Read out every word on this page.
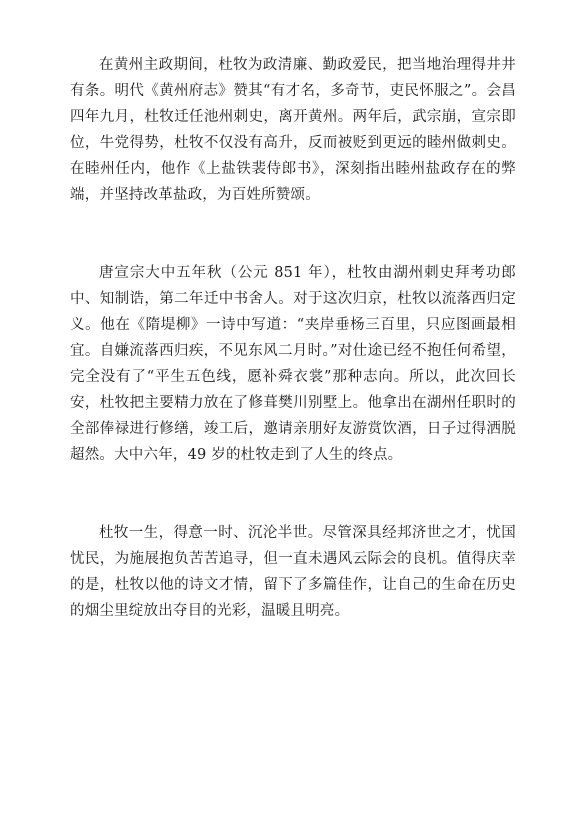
在黄州主政期间，杜牧为政清廉、勤政爱民，把当地治理得井井有条。明代《黄州府志》赞其“有才名，多奇节，吏民怀服之”。会昌四年九月，杜牧迁任池州刺史，离开黄州。两年后，武宗崩，宣宗即位，牛党得势，杜牧不仅没有高升，反而被贬到更远的睦州做刺史。在睦州任内，他作《上盐铁裴侍郎书》，深刻指出睦州盐政存在的弊端，并坚持改革盐政，为百姓所赞颂。

唐宣宗大中五年秋（公元 851 年），杜牧由湖州刺史拜考功郎中、知制诰，第二年迁中书舍人。对于这次归京，杜牧以流落西归定义。他在《隋堤柳》一诗中写道：“夹岸垂杨三百里，只应图画最相宜。自嫌流落西归疾，不见东风二月时。”对仕途已经不抱任何希望，完全没有了“平生五色线，愿补舜衣裳”那种志向。所以，此次回长安，杜牧把主要精力放在了修葺樊川别墅上。他拿出在湖州任职时的全部俸禄进行修缮，竣工后，邀请亲朋好友游赏饮酒，日子过得洒脱超然。大中六年，49 岁的杜牧走到了人生的终点。

杜牧一生，得意一时、沉沦半世。尽管深具经邦济世之才，忧国忧民，为施展抱负苦苦追寻，但一直未遇风云际会的良机。值得庆幸的是，杜牧以他的诗文才情，留下了多篇佳作，让自己的生命在历史的烟尘里绽放出夺目的光彩，温暖且明亮。
